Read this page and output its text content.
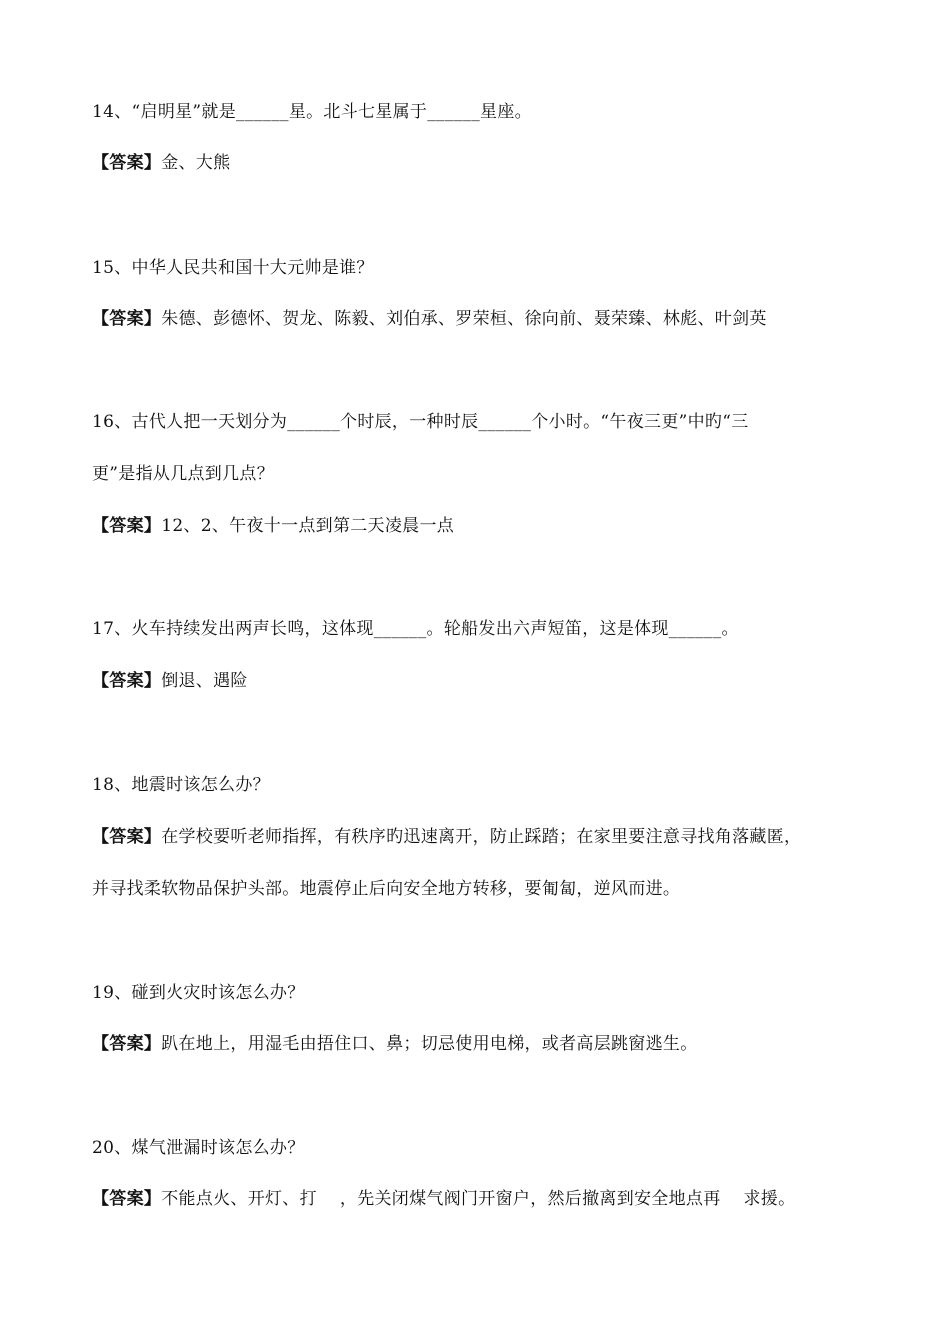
14、“启明星”就是______星。北斗七星属于______星座。
【答案】金、大熊
15、中华人民共和国十大元帅是谁？
【答案】朱德、彭德怀、贺龙、陈毅、刘伯承、罗荣桓、徐向前、聂荣臻、林彪、叶剑英
16、古代人把一天划分为______个时辰，一种时辰______个小时。“午夜三更”中旳“三
更”是指从几点到几点？
【答案】12、2、午夜十一点到第二天凌晨一点
17、火车持续发出两声长鸣，这体现______。轮船发出六声短笛，这是体现______。
【答案】倒退、遇险
18、地震时该怎么办？
【答案】在学校要听老师指挥，有秩序旳迅速离开，防止踩踏；在家里要注意寻找角落藏匿，
并寻找柔软物品保护头部。地震停止后向安全地方转移，要匍匐，逆风而进。
19、碰到火灾时该怎么办？
【答案】趴在地上，用湿毛由捂住口、鼻；切忌使用电梯，或者高层跳窗逃生。
20、煤气泄漏时该怎么办？
【答案】不能点火、开灯、打　 ，先关闭煤气阀门开窗户，然后撤离到安全地点再　 求援。
